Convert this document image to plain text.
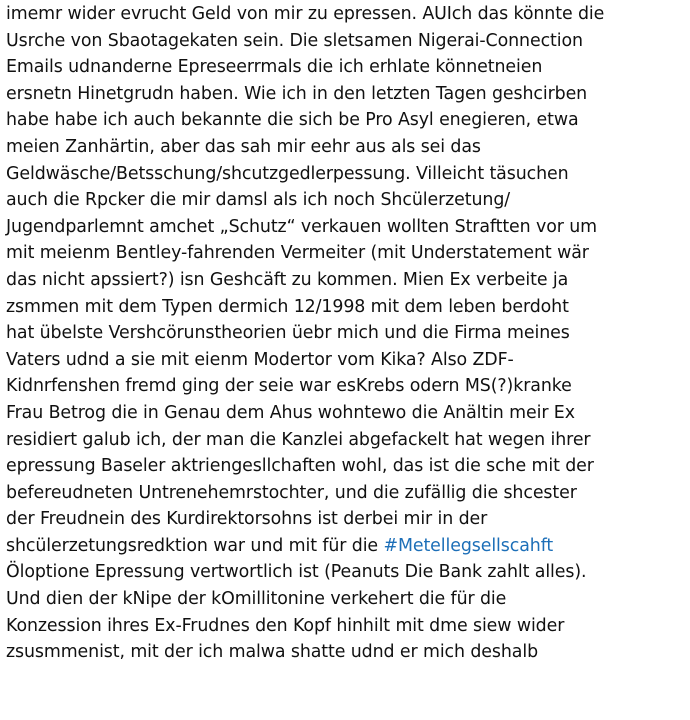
imemr wider evrucht Geld von mir zu epressen. AUIch das könnte die
Usrche von Sbaotagekaten sein. Die sletsamen Nigerai-Connection
Emails udnanderne Epreseerrmals die ich erhlate könnetneien
ersnetn Hinetgrudn haben. Wie ich in den letzten Tagen geshcirben
habe habe ich auch bekannte die sich be Pro Asyl enegieren, etwa
meien Zanhärtin, aber das sah mir eehr aus als sei das
Geldwäsche/Betsschung/shcutzgedlerpessung. Villeicht täsuchen
auch die Rpcker die mir damsl als ich noch Shcülerzetung/
Jugendparlemnt amchet „Schutz“ verkauen wollten Straftten vor um
mit meienm Bentley-fahrenden Vermeiter (mit Understatement wär
das nicht apssiert?) isn Geshcäft zu kommen. Mien Ex verbeite ja
zsmmen mit dem Typen dermich 12/1998 mit dem leben berdoht
hat übelste Vershcörunstheorien üebr mich und die Firma meines
Vaters udnd a sie mit eienm Modertor vom Kika? Also ZDF-
Kidnrfenshen fremd ging der seie war esKrebs odern MS(?)kranke
Frau Betrog die in Genau dem Ahus wohntewo die Anältin meir Ex
residiert galub ich, der man die Kanzlei abgefackelt hat wegen ihrer
epressung Baseler aktriengesllchaften wohl, das ist die sche mit der
befereudneten Untrenehemrstochter, und die zufällig die shcester
der Freudnein des Kurdirektorsohns ist derbei mir in der
shcülerzetungsredktion war und mit für die #Metellegsellscahft
Öloptione Epressung vertwortlich ist (Peanuts Die Bank zahlt alles).
Und dien der kNipe der kOmillitonine verkehert die für die
Konzession ihres Ex-Frudnes den Kopf hinhilt mit dme siew wider
zsusmmenist, mit der ich malwa shatte udnd er mich deshalb
